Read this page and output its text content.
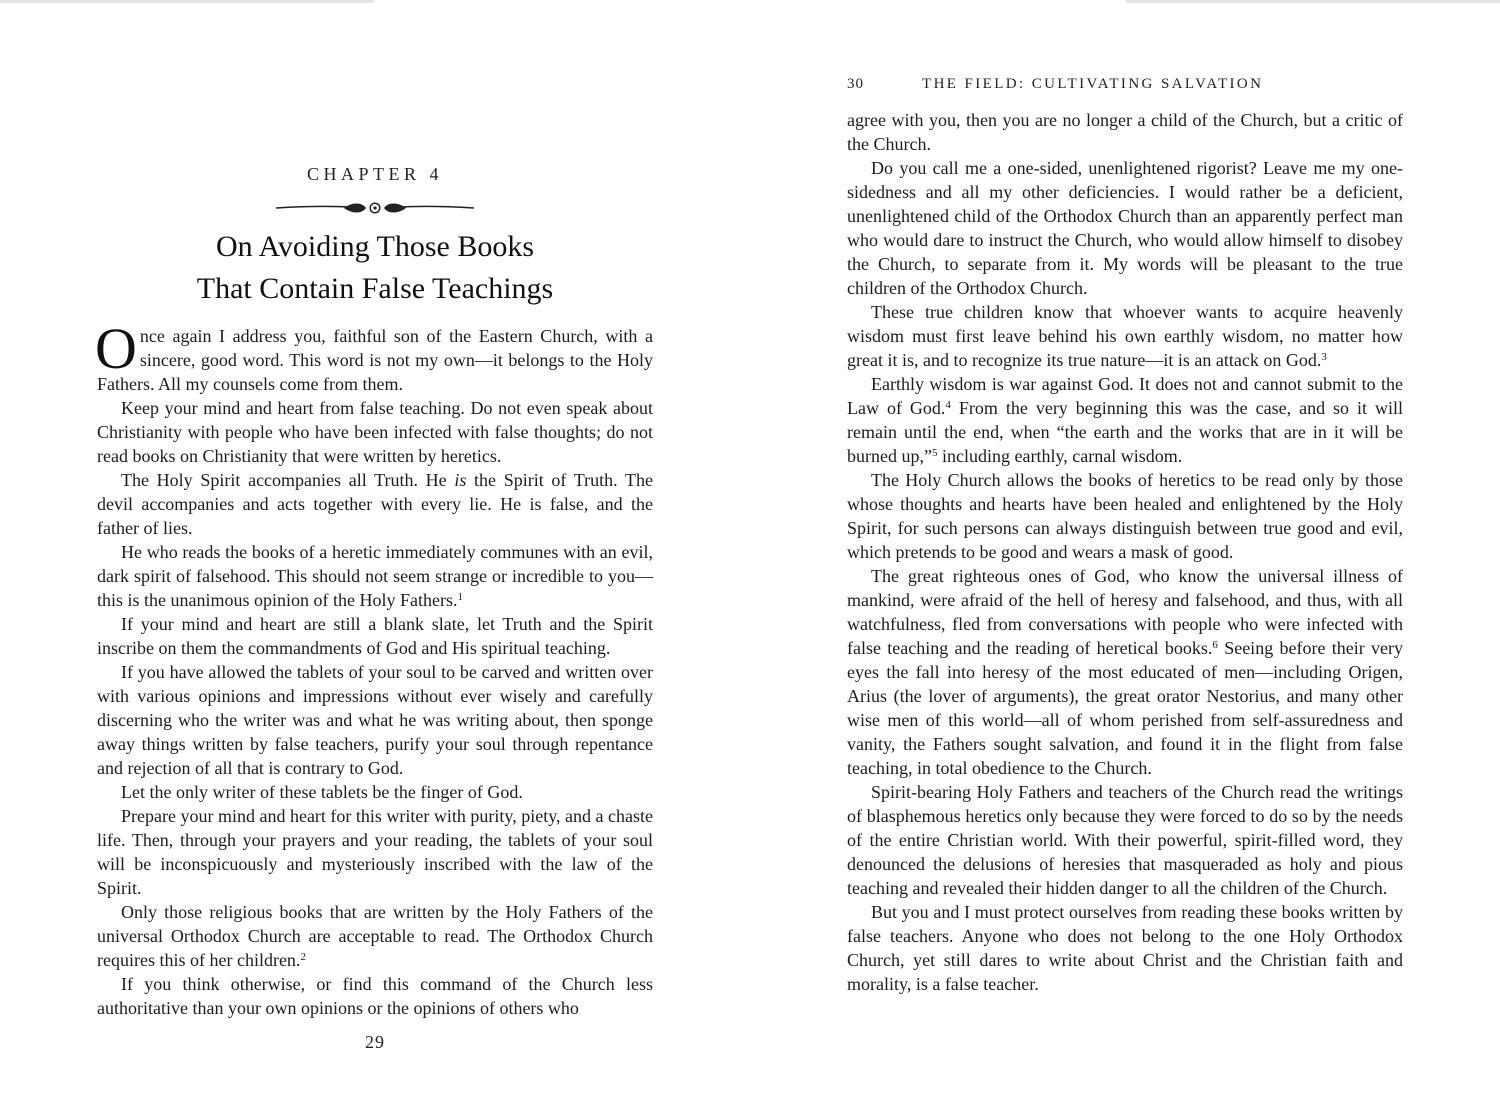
CHAPTER 4
On Avoiding Those Books
That Contain False Teachings

Once again I address you, faithful son of the Eastern Church, with a sincere, good word. This word is not my own—it belongs to the Holy Fathers. All my counsels come from them.

Keep your mind and heart from false teaching. Do not even speak about Christianity with people who have been infected with false thoughts; do not read books on Christianity that were written by heretics.

The Holy Spirit accompanies all Truth. He is the Spirit of Truth. The devil accompanies and acts together with every lie. He is false, and the father of lies.

He who reads the books of a heretic immediately communes with an evil, dark spirit of falsehood. This should not seem strange or incredible to you—this is the unanimous opinion of the Holy Fathers.$^1$

If your mind and heart are still a blank slate, let Truth and the Spirit inscribe on them the commandments of God and His spiritual teaching.

If you have allowed the tablets of your soul to be carved and written over with various opinions and impressions without ever wisely and carefully discerning who the writer was and what he was writing about, then sponge away things written by false teachers, purify your soul through repentance and rejection of all that is contrary to God.

Let the only writer of these tablets be the finger of God.

Prepare your mind and heart for this writer with purity, piety, and a chaste life. Then, through your prayers and your reading, the tablets of your soul will be inconspicuously and mysteriously inscribed with the law of the Spirit.

Only those religious books that are written by the Holy Fathers of the universal Orthodox Church are acceptable to read. The Orthodox Church requires this of her children.$^2$

If you think otherwise, or find this command of the Church less authoritative than your own opinions or the opinions of others who

29
30	THE FIELD: CULTIVATING SALVATION

agree with you, then you are no longer a child of the Church, but a critic of the Church.

Do you call me a one-sided, unenlightened rigorist? Leave me my one-sidedness and all my other deficiencies. I would rather be a deficient, unenlightened child of the Orthodox Church than an apparently perfect man who would dare to instruct the Church, who would allow himself to disobey the Church, to separate from it. My words will be pleasant to the true children of the Orthodox Church.

These true children know that whoever wants to acquire heavenly wisdom must first leave behind his own earthly wisdom, no matter how great it is, and to recognize its true nature—it is an attack on God.$^3$

Earthly wisdom is war against God. It does not and cannot submit to the Law of God.$^4$ From the very beginning this was the case, and so it will remain until the end, when “the earth and the works that are in it will be burned up,”$^5$ including earthly, carnal wisdom.

The Holy Church allows the books of heretics to be read only by those whose thoughts and hearts have been healed and enlightened by the Holy Spirit, for such persons can always distinguish between true good and evil, which pretends to be good and wears a mask of good.

The great righteous ones of God, who know the universal illness of mankind, were afraid of the hell of heresy and falsehood, and thus, with all watchfulness, fled from conversations with people who were infected with false teaching and the reading of heretical books.$^6$ Seeing before their very eyes the fall into heresy of the most educated of men—including Origen, Arius (the lover of arguments), the great orator Nestorius, and many other wise men of this world—all of whom perished from self-assuredness and vanity, the Fathers sought salvation, and found it in the flight from false teaching, in total obedience to the Church.

Spirit-bearing Holy Fathers and teachers of the Church read the writings of blasphemous heretics only because they were forced to do so by the needs of the entire Christian world. With their powerful, spirit-filled word, they denounced the delusions of heresies that masqueraded as holy and pious teaching and revealed their hidden danger to all the children of the Church.

But you and I must protect ourselves from reading these books written by false teachers. Anyone who does not belong to the one Holy Orthodox Church, yet still dares to write about Christ and the Christian faith and morality, is a false teacher.
